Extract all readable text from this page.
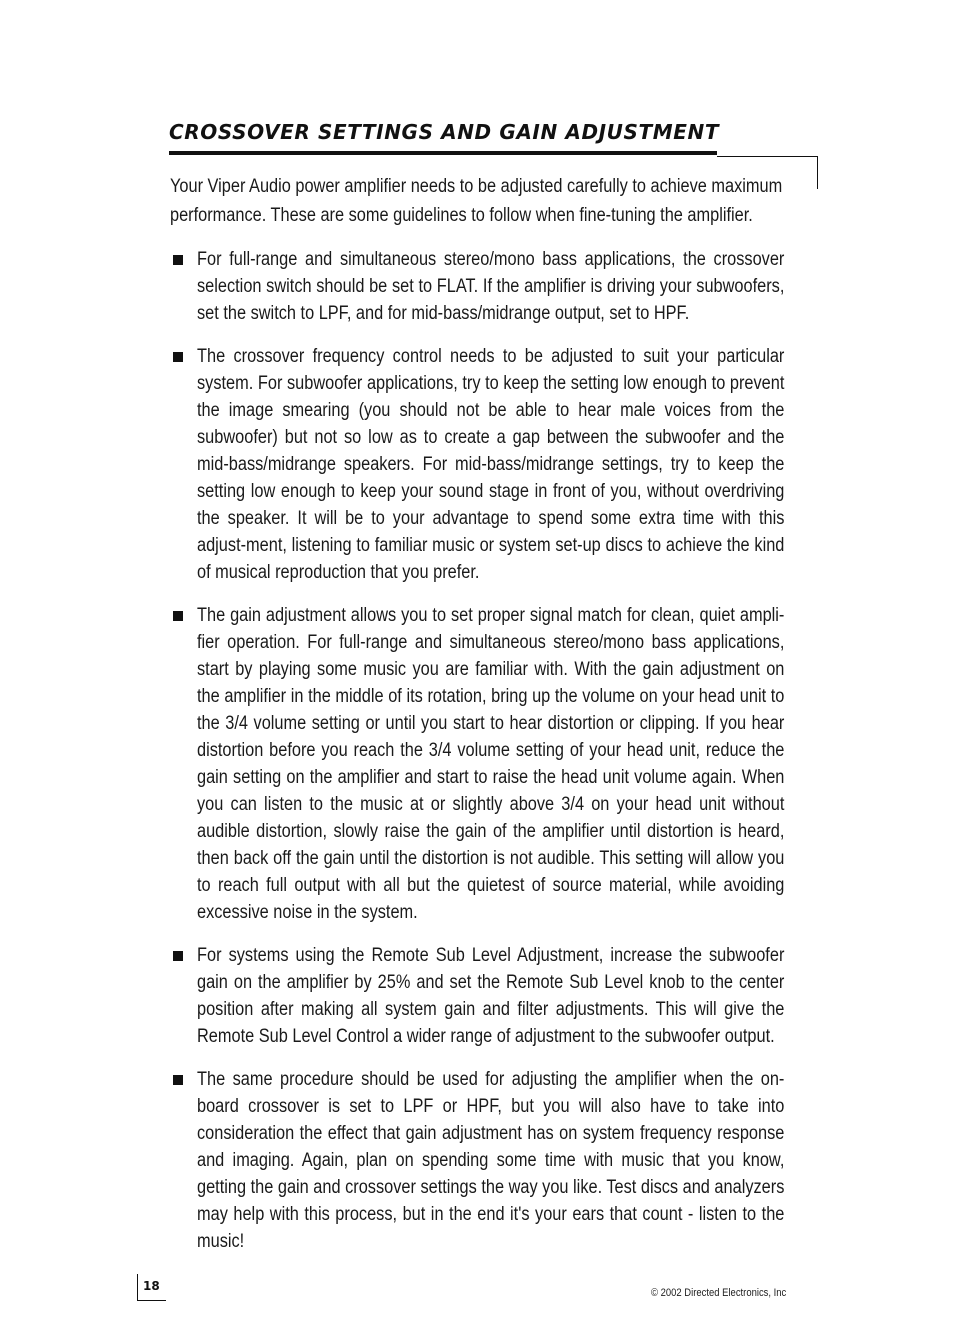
CROSSOVER SETTINGS AND GAIN ADJUSTMENT

Your Viper Audio power amplifier needs to be adjusted carefully to achieve maximum performance. These are some guidelines to follow when fine-tuning the amplifier.

For full-range and simultaneous stereo/mono bass applications, the crossover selection switch should be set to FLAT. If the amplifier is driving your subwoofers, set the switch to LPF, and for mid-bass/midrange output, set to HPF.
The crossover frequency control needs to be adjusted to suit your particular system. For subwoofer applications, try to keep the setting low enough to prevent the image smearing (you should not be able to hear male voices from the subwoofer) but not so low as to create a gap between the subwoofer and the mid-bass/midrange speakers. For mid-bass/midrange settings, try to keep the setting low enough to keep your sound stage in front of you, without overdriving the speaker. It will be to your advantage to spend some extra time with this adjust-ment, listening to familiar music or system set-up discs to achieve the kind of musical reproduction that you prefer.
The gain adjustment allows you to set proper signal match for clean, quiet ampli-fier operation. For full-range and simultaneous stereo/mono bass applications, start by playing some music you are familiar with. With the gain adjustment on the amplifier in the middle of its rotation, bring up the volume on your head unit to the 3/4 volume setting or until you start to hear distortion or clipping. If you hear distortion before you reach the 3/4 volume setting of your head unit, reduce the gain setting on the amplifier and start to raise the head unit volume again. When you can listen to the music at or slightly above 3/4 on your head unit without audible distortion, slowly raise the gain of the amplifier until distortion is heard, then back off the gain until the distortion is not audible. This setting will allow you to reach full output with all but the quietest of source material, while avoiding excessive noise in the system.
For systems using the Remote Sub Level Adjustment, increase the subwoofer gain on the amplifier by 25% and set the Remote Sub Level knob to the center position after making all system gain and filter adjustments. This will give the Remote Sub Level Control a wider range of adjustment to the subwoofer output.
The same procedure should be used for adjusting the amplifier when the on-board crossover is set to LPF or HPF, but you will also have to take into consideration the effect that gain adjustment has on system frequency response and imaging. Again, plan on spending some time with music that you know, getting the gain and crossover settings the way you like. Test discs and analyzers may help with this process, but in the end it's your ears that count - listen to the music!
18	© 2002 Directed Electronics, Inc
